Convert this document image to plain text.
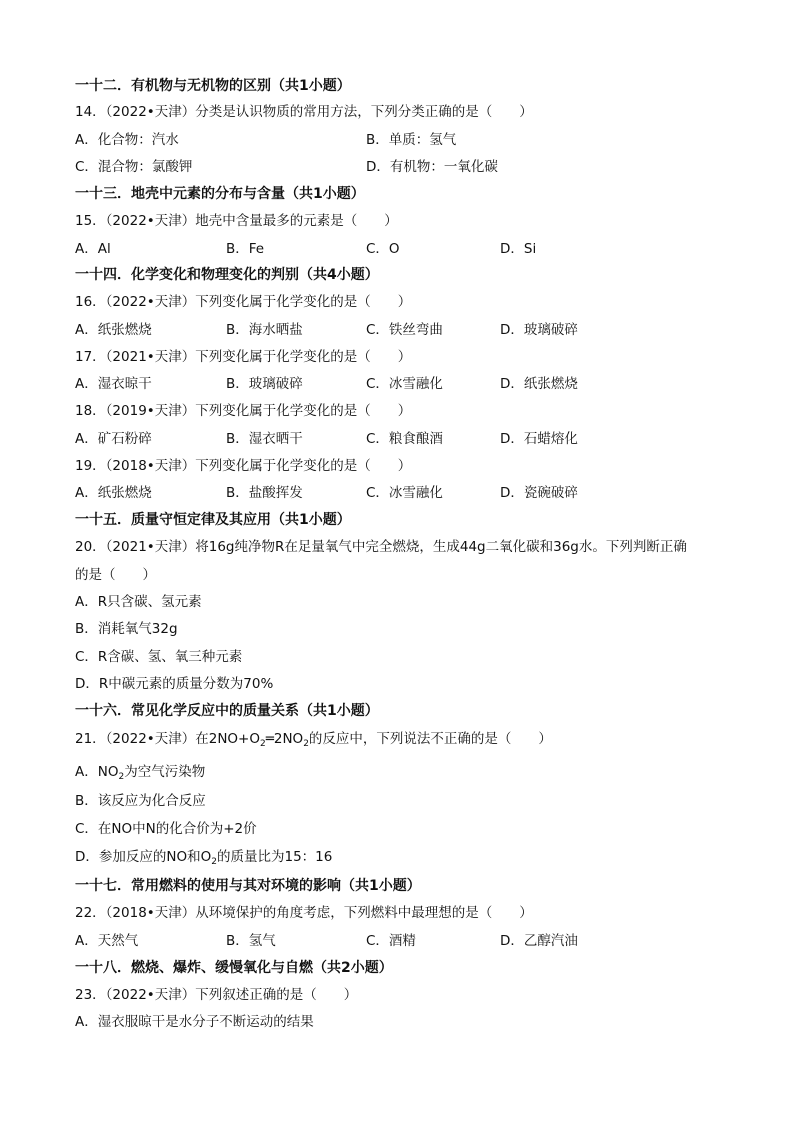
一十二．有机物与无机物的区别（共1小题）
14．（2022•天津）分类是认识物质的常用方法，下列分类正确的是（　　）
A．化合物：汽水	B．单质：氢气
C．混合物：氯酸钾	D．有机物：一氧化碳
一十三．地壳中元素的分布与含量（共1小题）
15．（2022•天津）地壳中含量最多的元素是（　　）
A．Al	B．Fe	C．O	D．Si
一十四．化学变化和物理变化的判别（共4小题）
16．（2022•天津）下列变化属于化学变化的是（　　）
A．纸张燃烧	B．海水晒盐	C．铁丝弯曲	D．玻璃破碎
17．（2021•天津）下列变化属于化学变化的是（　　）
A．湿衣晾干	B．玻璃破碎	C．冰雪融化	D．纸张燃烧
18．（2019•天津）下列变化属于化学变化的是（　　）
A．矿石粉碎	B．湿衣晒干	C．粮食酿酒	D．石蜡熔化
19．（2018•天津）下列变化属于化学变化的是（　　）
A．纸张燃烧	B．盐酸挥发	C．冰雪融化	D．瓷碗破碎
一十五．质量守恒定律及其应用（共1小题）
20．（2021•天津）将16g纯净物R在足量氧气中完全燃烧，生成44g二氧化碳和36g水。下列判断正确
的是（　　）
A．R只含碳、氢元素
B．消耗氧气32g
C．R含碳、氢、氧三种元素
D．R中碳元素的质量分数为70%
一十六．常见化学反应中的质量关系（共1小题）
21．（2022•天津）在$2NO+O_2═2NO_2$的反应中，下列说法不正确的是（　　）
A．$NO_2$为空气污染物
B．该反应为化合反应
C．在NO中N的化合价为+2价
D．参加反应的NO和$O_2$的质量比为15：16
一十七．常用燃料的使用与其对环境的影响（共1小题）
22．（2018•天津）从环境保护的角度考虑，下列燃料中最理想的是（　　）
A．天然气	B．氢气	C．酒精	D．乙醇汽油
一十八．燃烧、爆炸、缓慢氧化与自燃（共2小题）
23．（2022•天津）下列叙述正确的是（　　）
A．湿衣服晾干是水分子不断运动的结果
